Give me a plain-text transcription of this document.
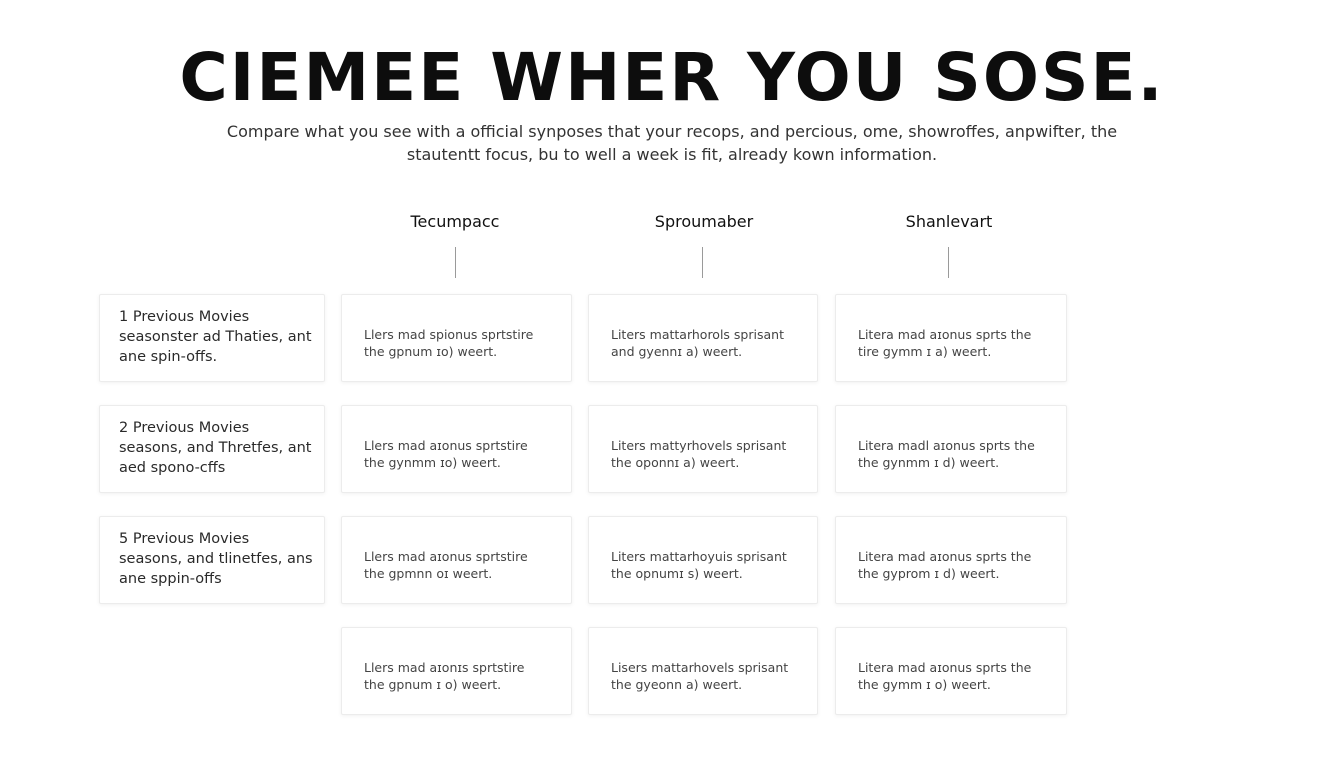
CIEMEE WHER YOU SOSE.
Compare what you see with a official synposes that your recops, and percious, ome, showroffes, anpwifter, the stautentt focus, bu to well a week is fit, already kown information.
Tecumpacc	Sproumaber	Shanlevart
1 Previous Movies seasonster ad Thaties, ant ane spin-offs.
Llers mad spionus sprtstire
the gpnum ɪo) weert.
Liters mattarhorols sprisant
and gyennɪ a) weert.
Litera mad aɪonus sprts the
tire gymm ɪ a) weert.
2 Previous Movies seasons, and Thretfes, ant aed spono-cffs
Llers mad aɪonus sprtstire
the gynmm ɪo) weert.
Liters mattyrhovels sprisant
the oponnɪ a) weert.
Litera madl aɪonus sprts the
the gynmm ɪ d) weert.
5 Previous Movies seasons, and tlinetfes, ans ane sppin-offs
Llers mad aɪonus sprtstire
the gpmnn oɪ weert.
Liters mattarhoyuis sprisant
the opnumɪ s) weert.
Litera mad aɪonus sprts the
the gyprom ɪ d) weert.
Llers mad aɪonɪs sprtstire
the gpnum ɪ o) weert.
Lisers mattarhovels sprisant
the gyeonn a) weert.
Litera mad aɪonus sprts the
the gymm ɪ o) weert.
